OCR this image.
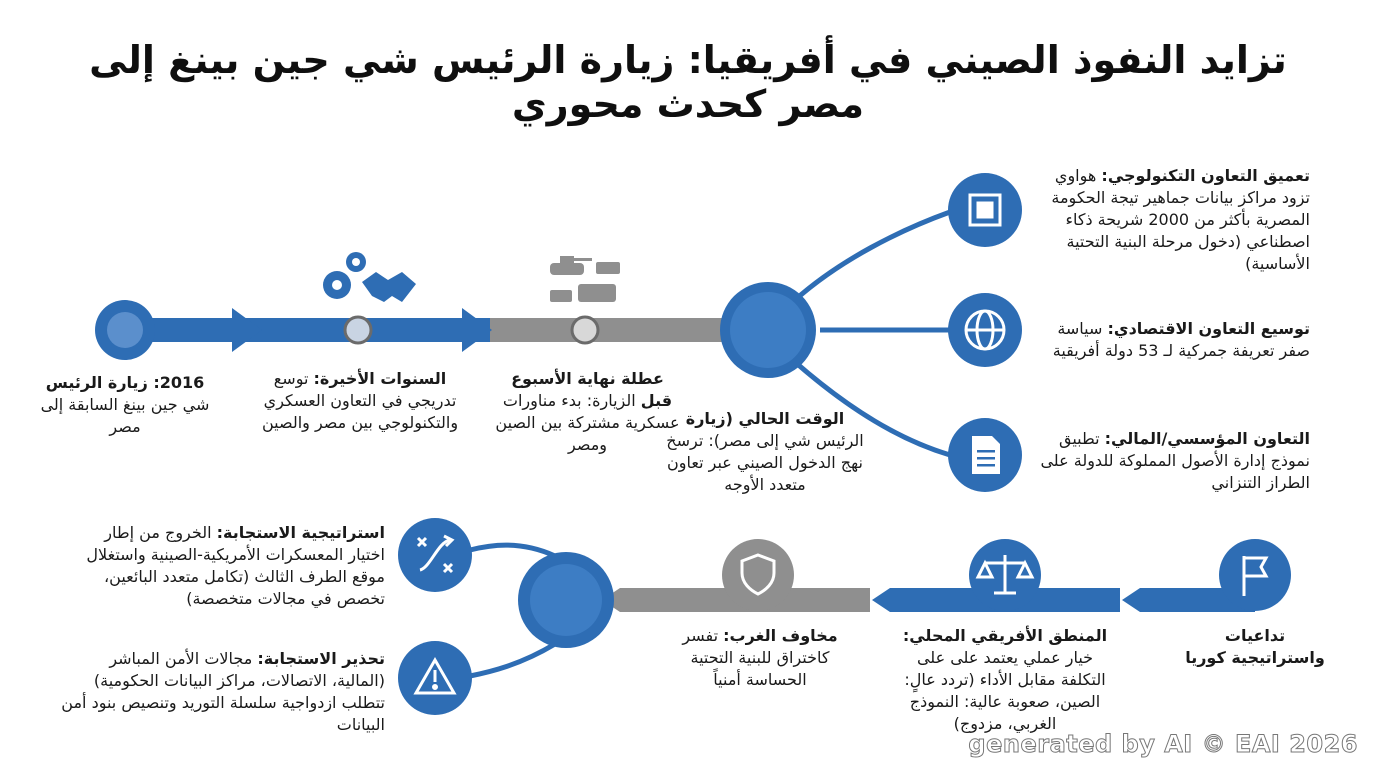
تزايد النفوذ الصيني في أفريقيا: زيارة الرئيس شي جين بينغ إلى مصر كحدث محوري
2016: زيارة الرئيس
شي جين بينغ السابقة إلى مصر
السنوات الأخيرة: توسع تدريجي في التعاون العسكري والتكنولوجي بين مصر والصين
عطلة نهاية الأسبوع قبل الزيارة: بدء مناورات عسكرية مشتركة بين الصين ومصر
الوقت الحالي (زيارة الرئيس شي إلى مصر): ترسخ نهج الدخول الصيني عبر تعاون متعدد الأوجه
تعميق التعاون التكنولوجي: هواوي تزود مراكز بيانات جماهير تيجة الحكومة المصرية بأكثر من 2000 شريحة ذكاء اصطناعي (دخول مرحلة البنية التحتية الأساسية)
توسيع التعاون الاقتصادي: سياسة صفر تعريفة جمركية لـ 53 دولة أفريقية
التعاون المؤسسي/المالي: تطبيق نموذج إدارة الأصول المملوكة للدولة على الطراز التنزاني
تداعيات
واستراتيجية كوريا
المنطق الأفريقي المحلي: خيار عملي يعتمد على على التكلفة مقابل الأداء (تردد عالٍ: الصين، صعوبة عالية: النموذج الغربي، مزدوج)
مخاوف الغرب: تفسر كاختراق للبنية التحتية الحساسة أمنياً
استراتيجية الاستجابة: الخروج من إطار اختيار المعسكرات الأمريكية-الصينية واستغلال موقع الطرف الثالث (تكامل متعدد البائعين، تخصص في مجالات متخصصة)
تحذير الاستجابة: مجالات الأمن المباشر (المالية، الاتصالات، مراكز البيانات الحكومية) تتطلب ازدواجية سلسلة التوريد وتنصيص بنود أمن البيانات
generated by AI © EAI 2026
